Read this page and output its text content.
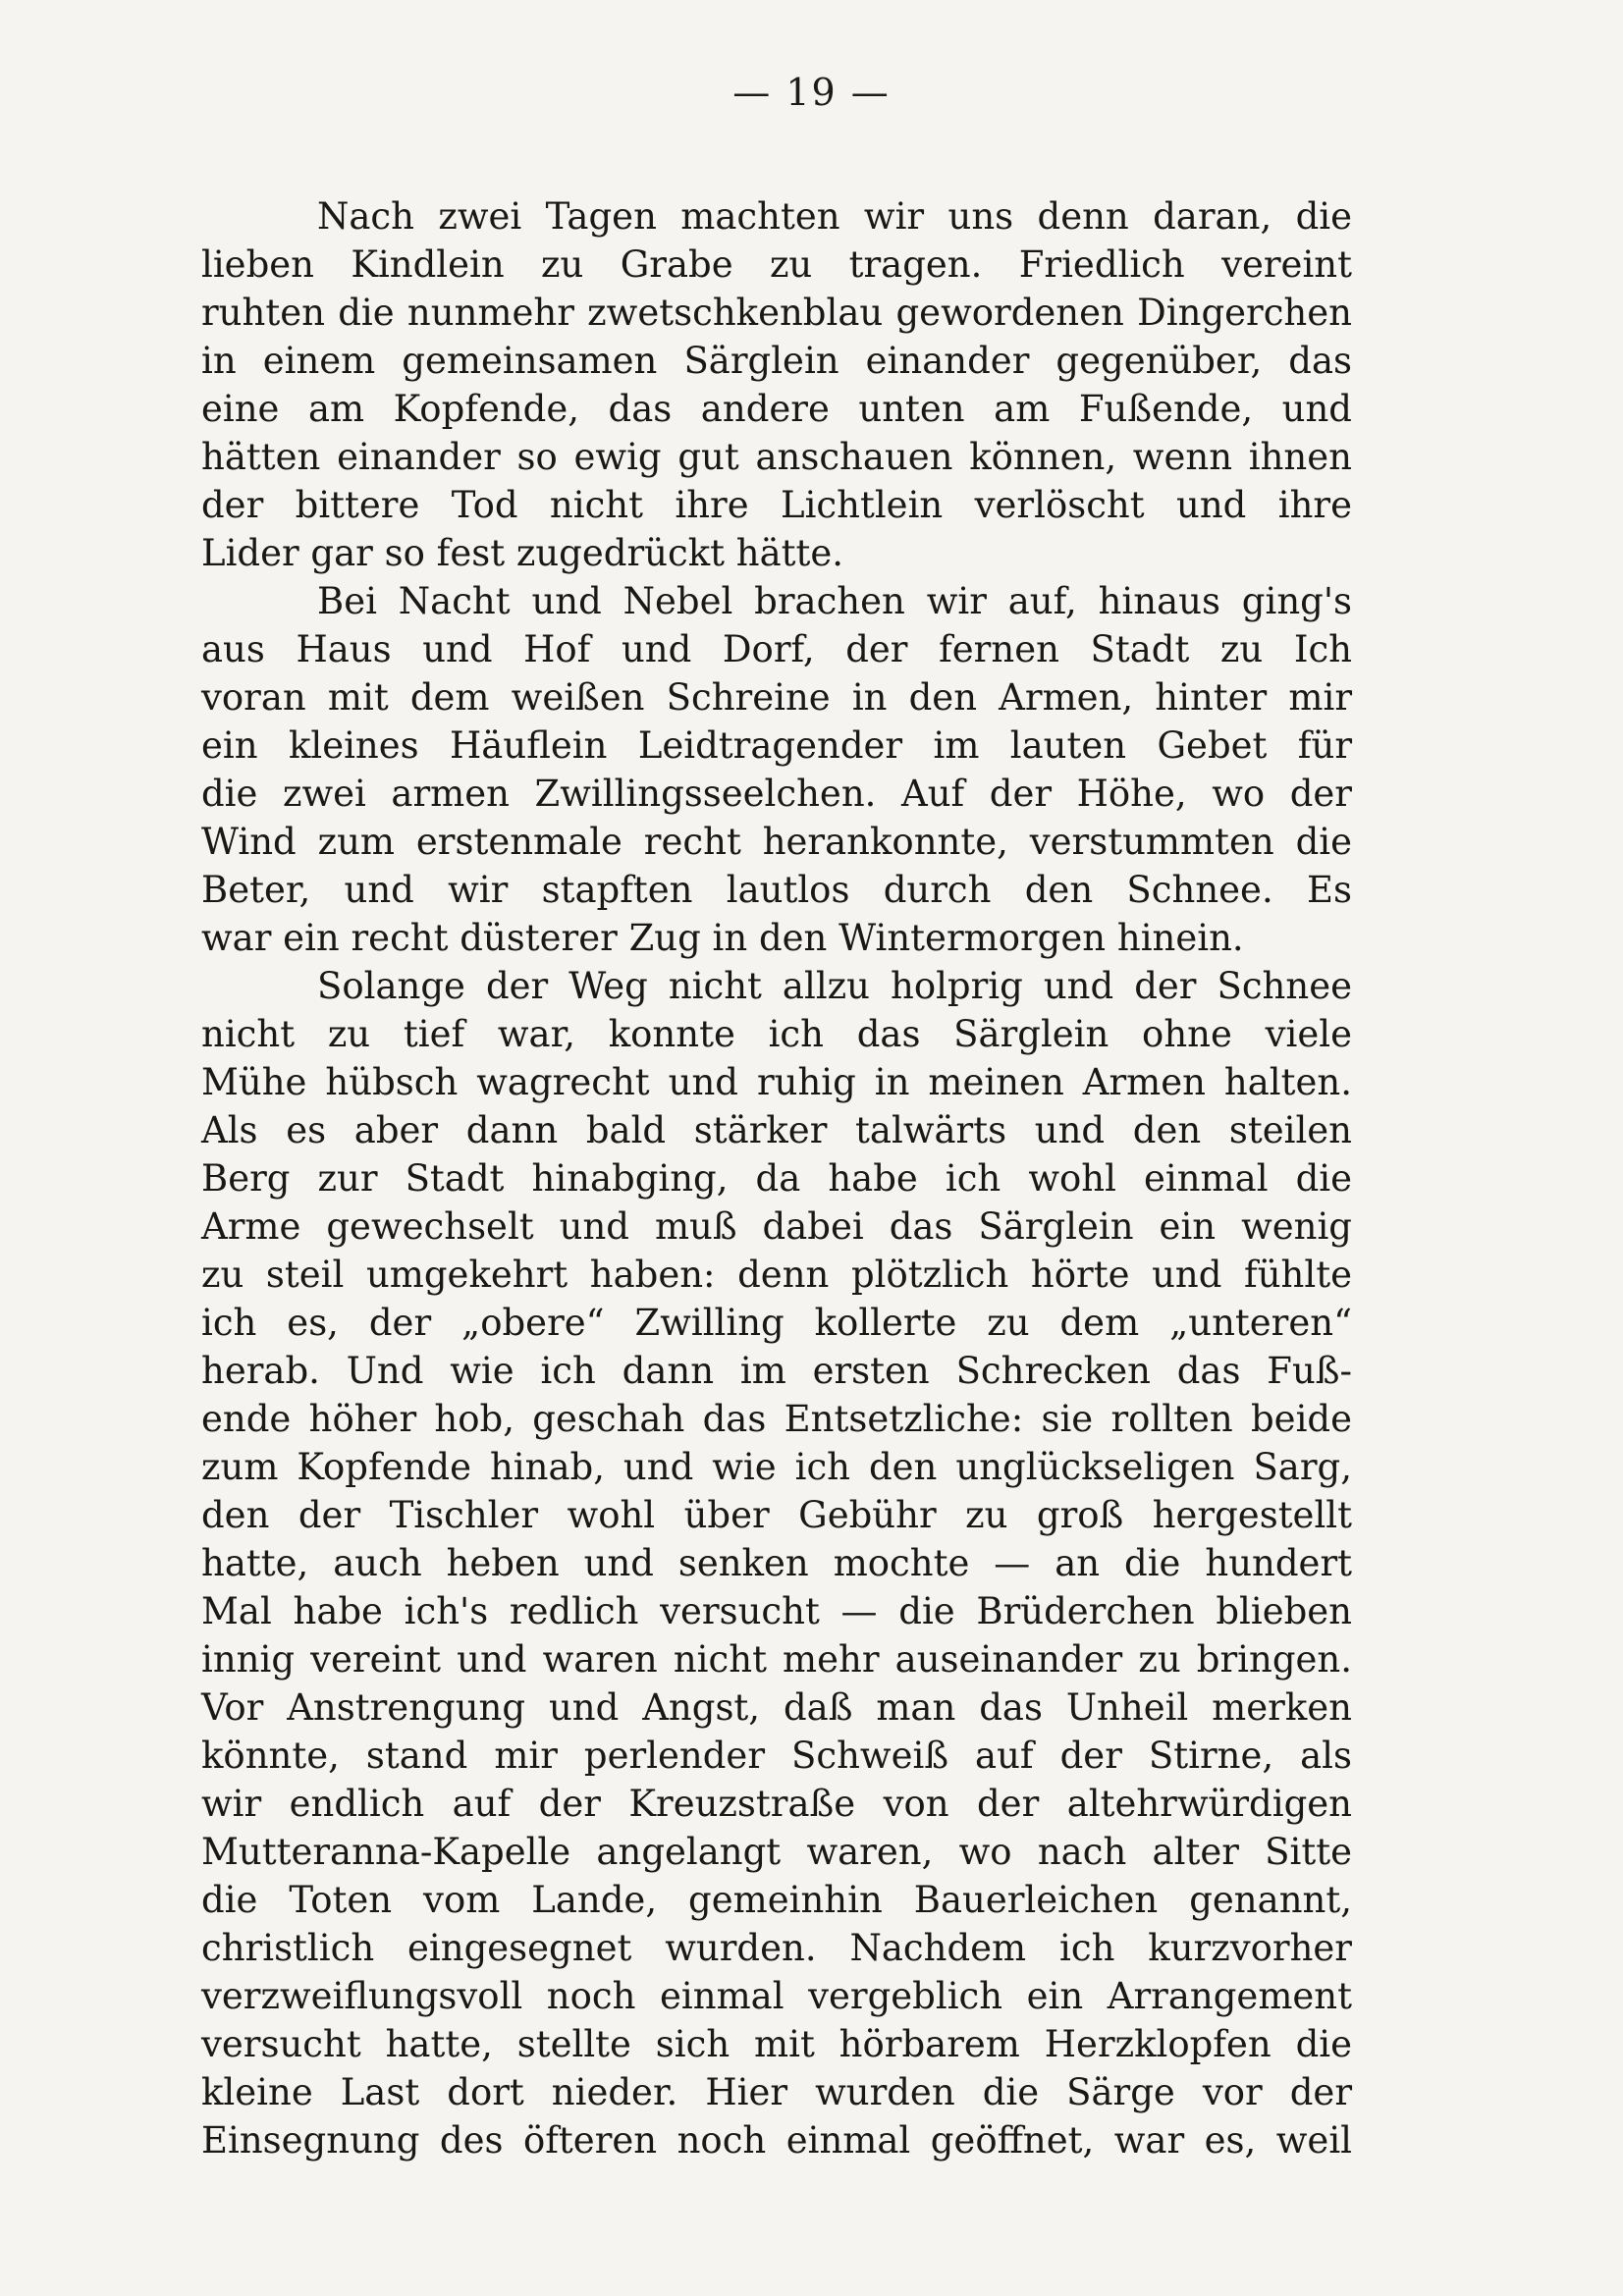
— 19 —
Nach zwei Tagen machten wir uns denn daran, die
lieben Kindlein zu Grabe zu tragen. Friedlich vereint
ruhten die nunmehr zwetschkenblau gewordenen Dingerchen
in einem gemeinsamen Särglein einander gegenüber, das
eine am Kopfende, das andere unten am Fußende, und
hätten einander so ewig gut anschauen können, wenn ihnen
der bittere Tod nicht ihre Lichtlein verlöscht und ihre
Lider gar so fest zugedrückt hätte.
Bei Nacht und Nebel brachen wir auf, hinaus ging's
aus Haus und Hof und Dorf, der fernen Stadt zu Ich
voran mit dem weißen Schreine in den Armen, hinter mir
ein kleines Häuflein Leidtragender im lauten Gebet für
die zwei armen Zwillingsseelchen. Auf der Höhe, wo der
Wind zum erstenmale recht herankonnte, verstummten die
Beter, und wir stapften lautlos durch den Schnee. Es
war ein recht düsterer Zug in den Wintermorgen hinein.
Solange der Weg nicht allzu holprig und der Schnee
nicht zu tief war, konnte ich das Särglein ohne viele
Mühe hübsch wagrecht und ruhig in meinen Armen halten.
Als es aber dann bald stärker talwärts und den steilen
Berg zur Stadt hinabging, da habe ich wohl einmal die
Arme gewechselt und muß dabei das Särglein ein wenig
zu steil umgekehrt haben: denn plötzlich hörte und fühlte
ich es, der „obere“ Zwilling kollerte zu dem „unteren“
herab. Und wie ich dann im ersten Schrecken das Fuß-
ende höher hob, geschah das Entsetzliche: sie rollten beide
zum Kopfende hinab, und wie ich den unglückseligen Sarg,
den der Tischler wohl über Gebühr zu groß hergestellt
hatte, auch heben und senken mochte — an die hundert
Mal habe ich's redlich versucht — die Brüderchen blieben
innig vereint und waren nicht mehr auseinander zu bringen.
Vor Anstrengung und Angst, daß man das Unheil merken
könnte, stand mir perlender Schweiß auf der Stirne, als
wir endlich auf der Kreuzstraße von der altehrwürdigen
Mutteranna-Kapelle angelangt waren, wo nach alter Sitte
die Toten vom Lande, gemeinhin Bauerleichen genannt,
christlich eingesegnet wurden. Nachdem ich kurzvorher
verzweiflungsvoll noch einmal vergeblich ein Arrangement
versucht hatte, stellte sich mit hörbarem Herzklopfen die
kleine Last dort nieder. Hier wurden die Särge vor der
Einsegnung des öfteren noch einmal geöffnet, war es, weil
